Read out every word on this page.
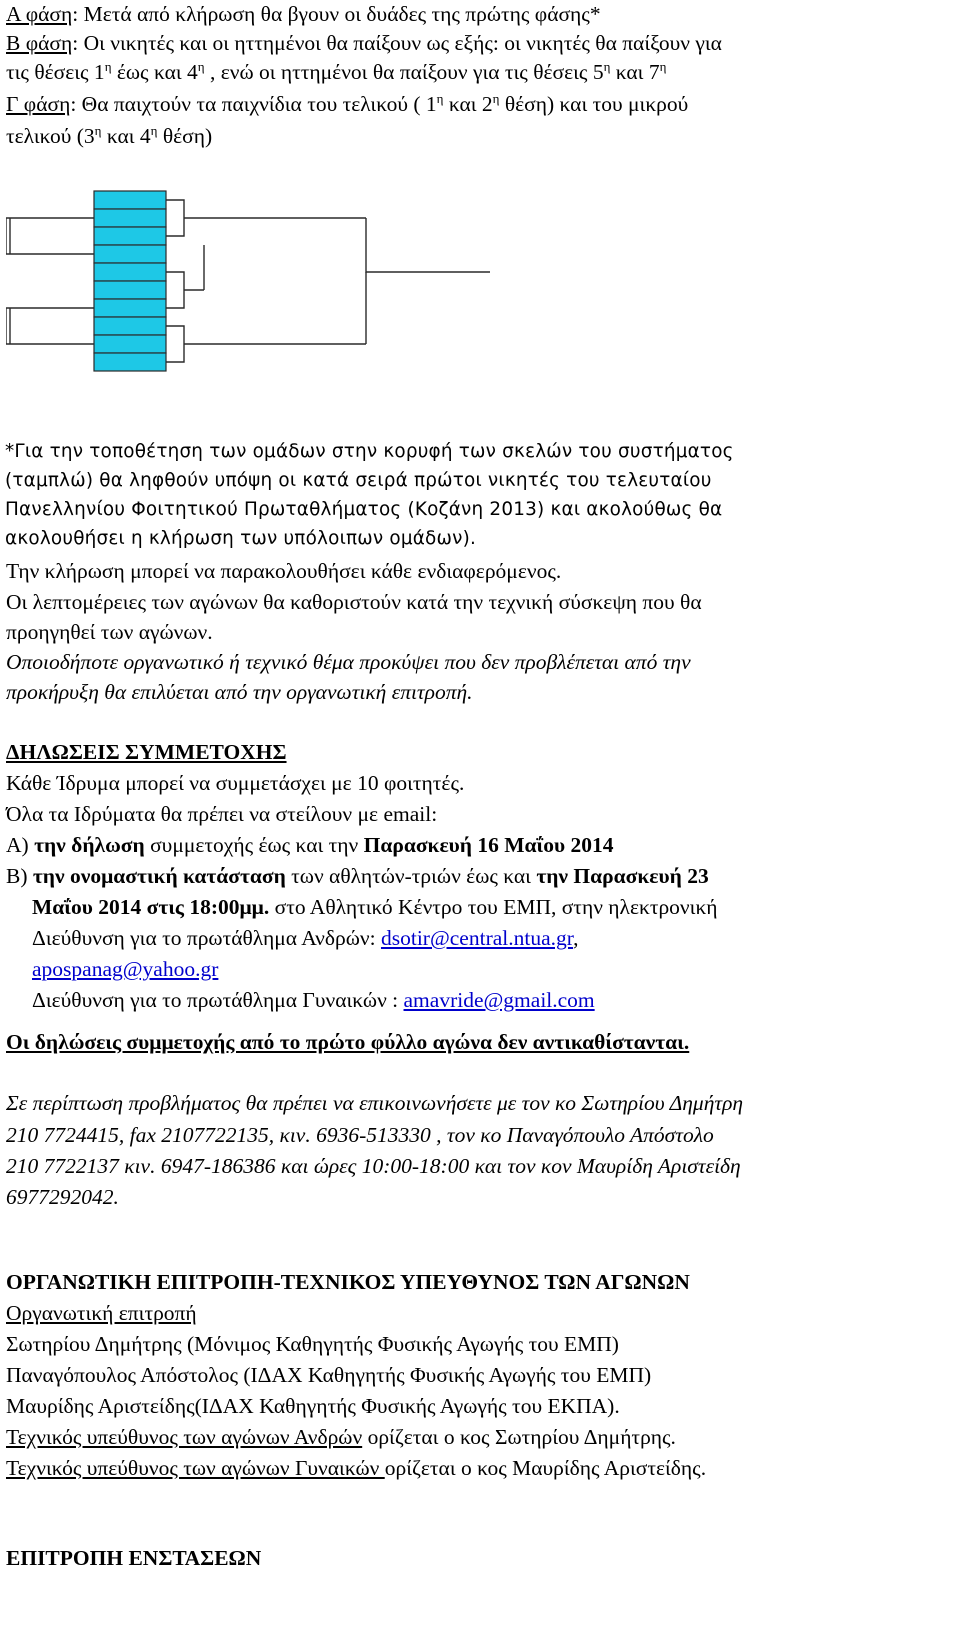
Α φάση: Μετά από κλήρωση θα βγουν οι δυάδες της πρώτης φάσης*
Β φάση: Οι νικητές και οι ηττημένοι θα παίξουν ως εξής: οι νικητές θα παίξουν για
τις θέσεις $1^\eta$ έως και $4^\eta$ , ενώ οι ηττημένοι θα παίξουν για τις θέσεις $5^\eta$ και $7^\eta$
Γ φάση: Θα παιχτούν τα παιχνίδια του τελικού ( $1^\eta$ και $2^\eta$ θέση) και του μικρού
τελικού ($3^\eta$ και $4^\eta$ θέση)
*Για την τοποθέτηση των ομάδων στην κορυφή των σκελών του συστήματος
(ταμπλώ) θα ληφθούν υπόψη οι κατά σειρά πρώτοι νικητές του τελευταίου
Πανελληνίου Φοιτητικού Πρωταθλήματος (Κοζάνη 2013) και ακολούθως θα
ακολουθήσει η κλήρωση των υπόλοιπων ομάδων).
Την κλήρωση μπορεί να παρακολουθήσει κάθε ενδιαφερόμενος.
Οι λεπτομέρειες των αγώνων θα καθοριστούν κατά την τεχνική σύσκεψη που θα
προηγηθεί των αγώνων.
Οποιοδήποτε οργανωτικό ή τεχνικό θέμα προκύψει που δεν προβλέπεται από την
προκήρυξη θα επιλύεται από την οργανωτική επιτροπή.
ΔΗΛΩΣΕΙΣ ΣΥΜΜΕΤΟΧΗΣ
Κάθε Ίδρυμα μπορεί να συμμετάσχει με 10 φοιτητές.
Όλα τα Ιδρύματα θα πρέπει να στείλουν με email:
Α) την δήλωση συμμετοχής έως και την Παρασκευή 16 Μαΐου 2014
Β) την ονομαστική κατάσταση των αθλητών-τριών έως και την Παρασκευή 23
Μαΐου 2014 στις 18:00μμ. στο Αθλητικό Κέντρο του ΕΜΠ, στην ηλεκτρονική
Διεύθυνση για το πρωτάθλημα Ανδρών: dsotir@central.ntua.gr,
apospanag@yahoo.gr
Διεύθυνση για το πρωτάθλημα Γυναικών : amavride@gmail.com
Οι δηλώσεις συμμετοχής από το πρώτο φύλλο αγώνα δεν αντικαθίστανται.
Σε περίπτωση προβλήματος θα πρέπει να επικοινωνήσετε με τον κο Σωτηρίου Δημήτρη
210 7724415, fax 2107722135, κιν. 6936-513330 , τον κο Παναγόπουλο Απόστολο
210 7722137 κιν. 6947-186386 και ώρες 10:00-18:00 και τον κον Μαυρίδη Αριστείδη
6977292042.
ΟΡΓΑΝΩΤΙΚΗ ΕΠΙΤΡΟΠΗ-ΤΕΧΝΙΚΟΣ ΥΠΕΥΘΥΝΟΣ ΤΩΝ ΑΓΩΝΩΝ
Οργανωτική επιτροπή
Σωτηρίου Δημήτρης (Μόνιμος Καθηγητής Φυσικής Αγωγής του ΕΜΠ)
Παναγόπουλος Απόστολος (ΙΔΑΧ Καθηγητής Φυσικής Αγωγής του ΕΜΠ)
Μαυρίδης Αριστείδης(ΙΔΑΧ Καθηγητής Φυσικής Αγωγής του ΕΚΠΑ).
Τεχνικός υπεύθυνος των αγώνων Ανδρών ορίζεται ο κος Σωτηρίου Δημήτρης.
Τεχνικός υπεύθυνος των αγώνων Γυναικών ορίζεται ο κος Μαυρίδης Αριστείδης.
ΕΠΙΤΡΟΠΗ ΕΝΣΤΑΣΕΩΝ
